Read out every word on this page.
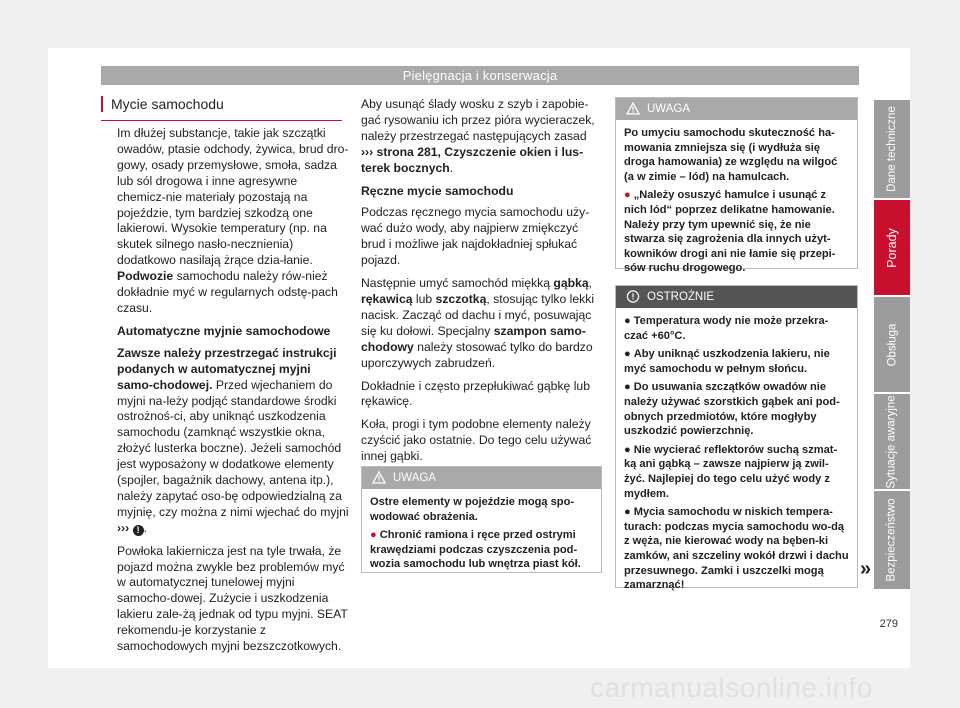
Pielęgnacja i konserwacja
Mycie samochodu

Im dłużej substancje, takie jak szczątki owadów, ptasie odchody, żywica, brud dro-gowy, osady przemysłowe, smoła, sadza lub sól drogowa i inne agresywne chemicz-nie materiały pozostają na pojeździe, tym bardziej szkodzą one lakierowi. Wysokie temperatury (np. na skutek silnego nasło-necznienia) dodatkowo nasilają żrące dzia-łanie. Podwozie samochodu należy rów-nież dokładnie myć w regularnych odstę-pach czasu.

Automatyczne myjnie samochodowe

Zawsze należy przestrzegać instrukcji podanych w automatycznej myjni samo-chodowej. Przed wjechaniem do myjni na-leży podjąć standardowe środki ostrożnoś-ci, aby uniknąć uszkodzenia samochodu (zamknąć wszystkie okna, złożyć lusterka boczne). Jeżeli samochód jest wyposażony w dodatkowe elementy (spojler, bagażnik dachowy, antena itp.), należy zapytać oso-bę odpowiedzialną za myjnię, czy można z nimi wjechać do myjni ››› ! .

Powłoka lakiernicza jest na tyle trwała, że pojazd można zwykle bez problemów myć w automatycznej tunelowej myjni samocho-dowej. Zużycie i uszkodzenia lakieru zale-żą jednak od typu myjni. SEAT rekomendu-je korzystanie z samochodowych myjni bezszczotkowych.

Aby usunąć ślady wosku z szyb i zapobie-gać rysowaniu ich przez pióra wycieraczek, należy przestrzegać następujących zasad ››› strona 281, Czyszczenie okien i lus-terek bocznych.

Ręczne mycie samochodu

Podczas ręcznego mycia samochodu uży-wać dużo wody, aby najpierw zmiękczyć brud i możliwe jak najdokładniej spłukać pojazd.

Następnie umyć samochód miękką gąbką, rękawicą lub szczotką, stosując tylko lekki nacisk. Zacząć od dachu i myć, posuwając się ku dołowi. Specjalny szampon samo-chodowy należy stosować tylko do bardzo uporczywych zabrudzeń.

Dokładnie i często przepłukiwać gąbkę lub rękawicę.

Koła, progi i tym podobne elementy należy czyścić jako ostatnie. Do tego celu używać innej gąbki.

UWAGA

Ostre elementy w pojeździe mogą spo-wodować obrażenia.

● Chronić ramiona i ręce przed ostrymi krawędziami podczas czyszczenia pod-wozia samochodu lub wnętrza piast kół.

UWAGA

Po umyciu samochodu skuteczność ha-mowania zmniejsza się (i wydłuża się droga hamowania) ze względu na wilgoć (a w zimie – lód) na hamulcach.

● „Należy osuszyć hamulce i usunąć z nich lód“ poprzez delikatne hamowanie. Należy przy tym upewnić się, że nie stwarza się zagrożenia dla innych użyt-kowników drogi ani nie łamie się przepi-sów ruchu drogowego.

OSTROŻNIE

● Temperatura wody nie może przekra-czać +60°C.

● Aby uniknąć uszkodzenia lakieru, nie myć samochodu w pełnym słońcu.

● Do usuwania szczątków owadów nie należy używać szorstkich gąbek ani pod-obnych przedmiotów, które mogłyby uszkodzić powierzchnię.

● Nie wycierać reflektorów suchą szmat-ką ani gąbką – zawsze najpierw ją zwil-żyć. Najlepiej do tego celu użyć wody z mydłem.

● Mycia samochodu w niskich tempera-turach: podczas mycia samochodu wo-dą z węża, nie kierować wody na bęben-ki zamków, ani szczeliny wokół drzwi i dachu przesuwnego. Zamki i uszczelki mogą zamarznąć!

»
Dane techniczne
Porady
Obsługa
Sytuacje awaryjne
Bezpieczeństwo
279
carmanualsonline.info
